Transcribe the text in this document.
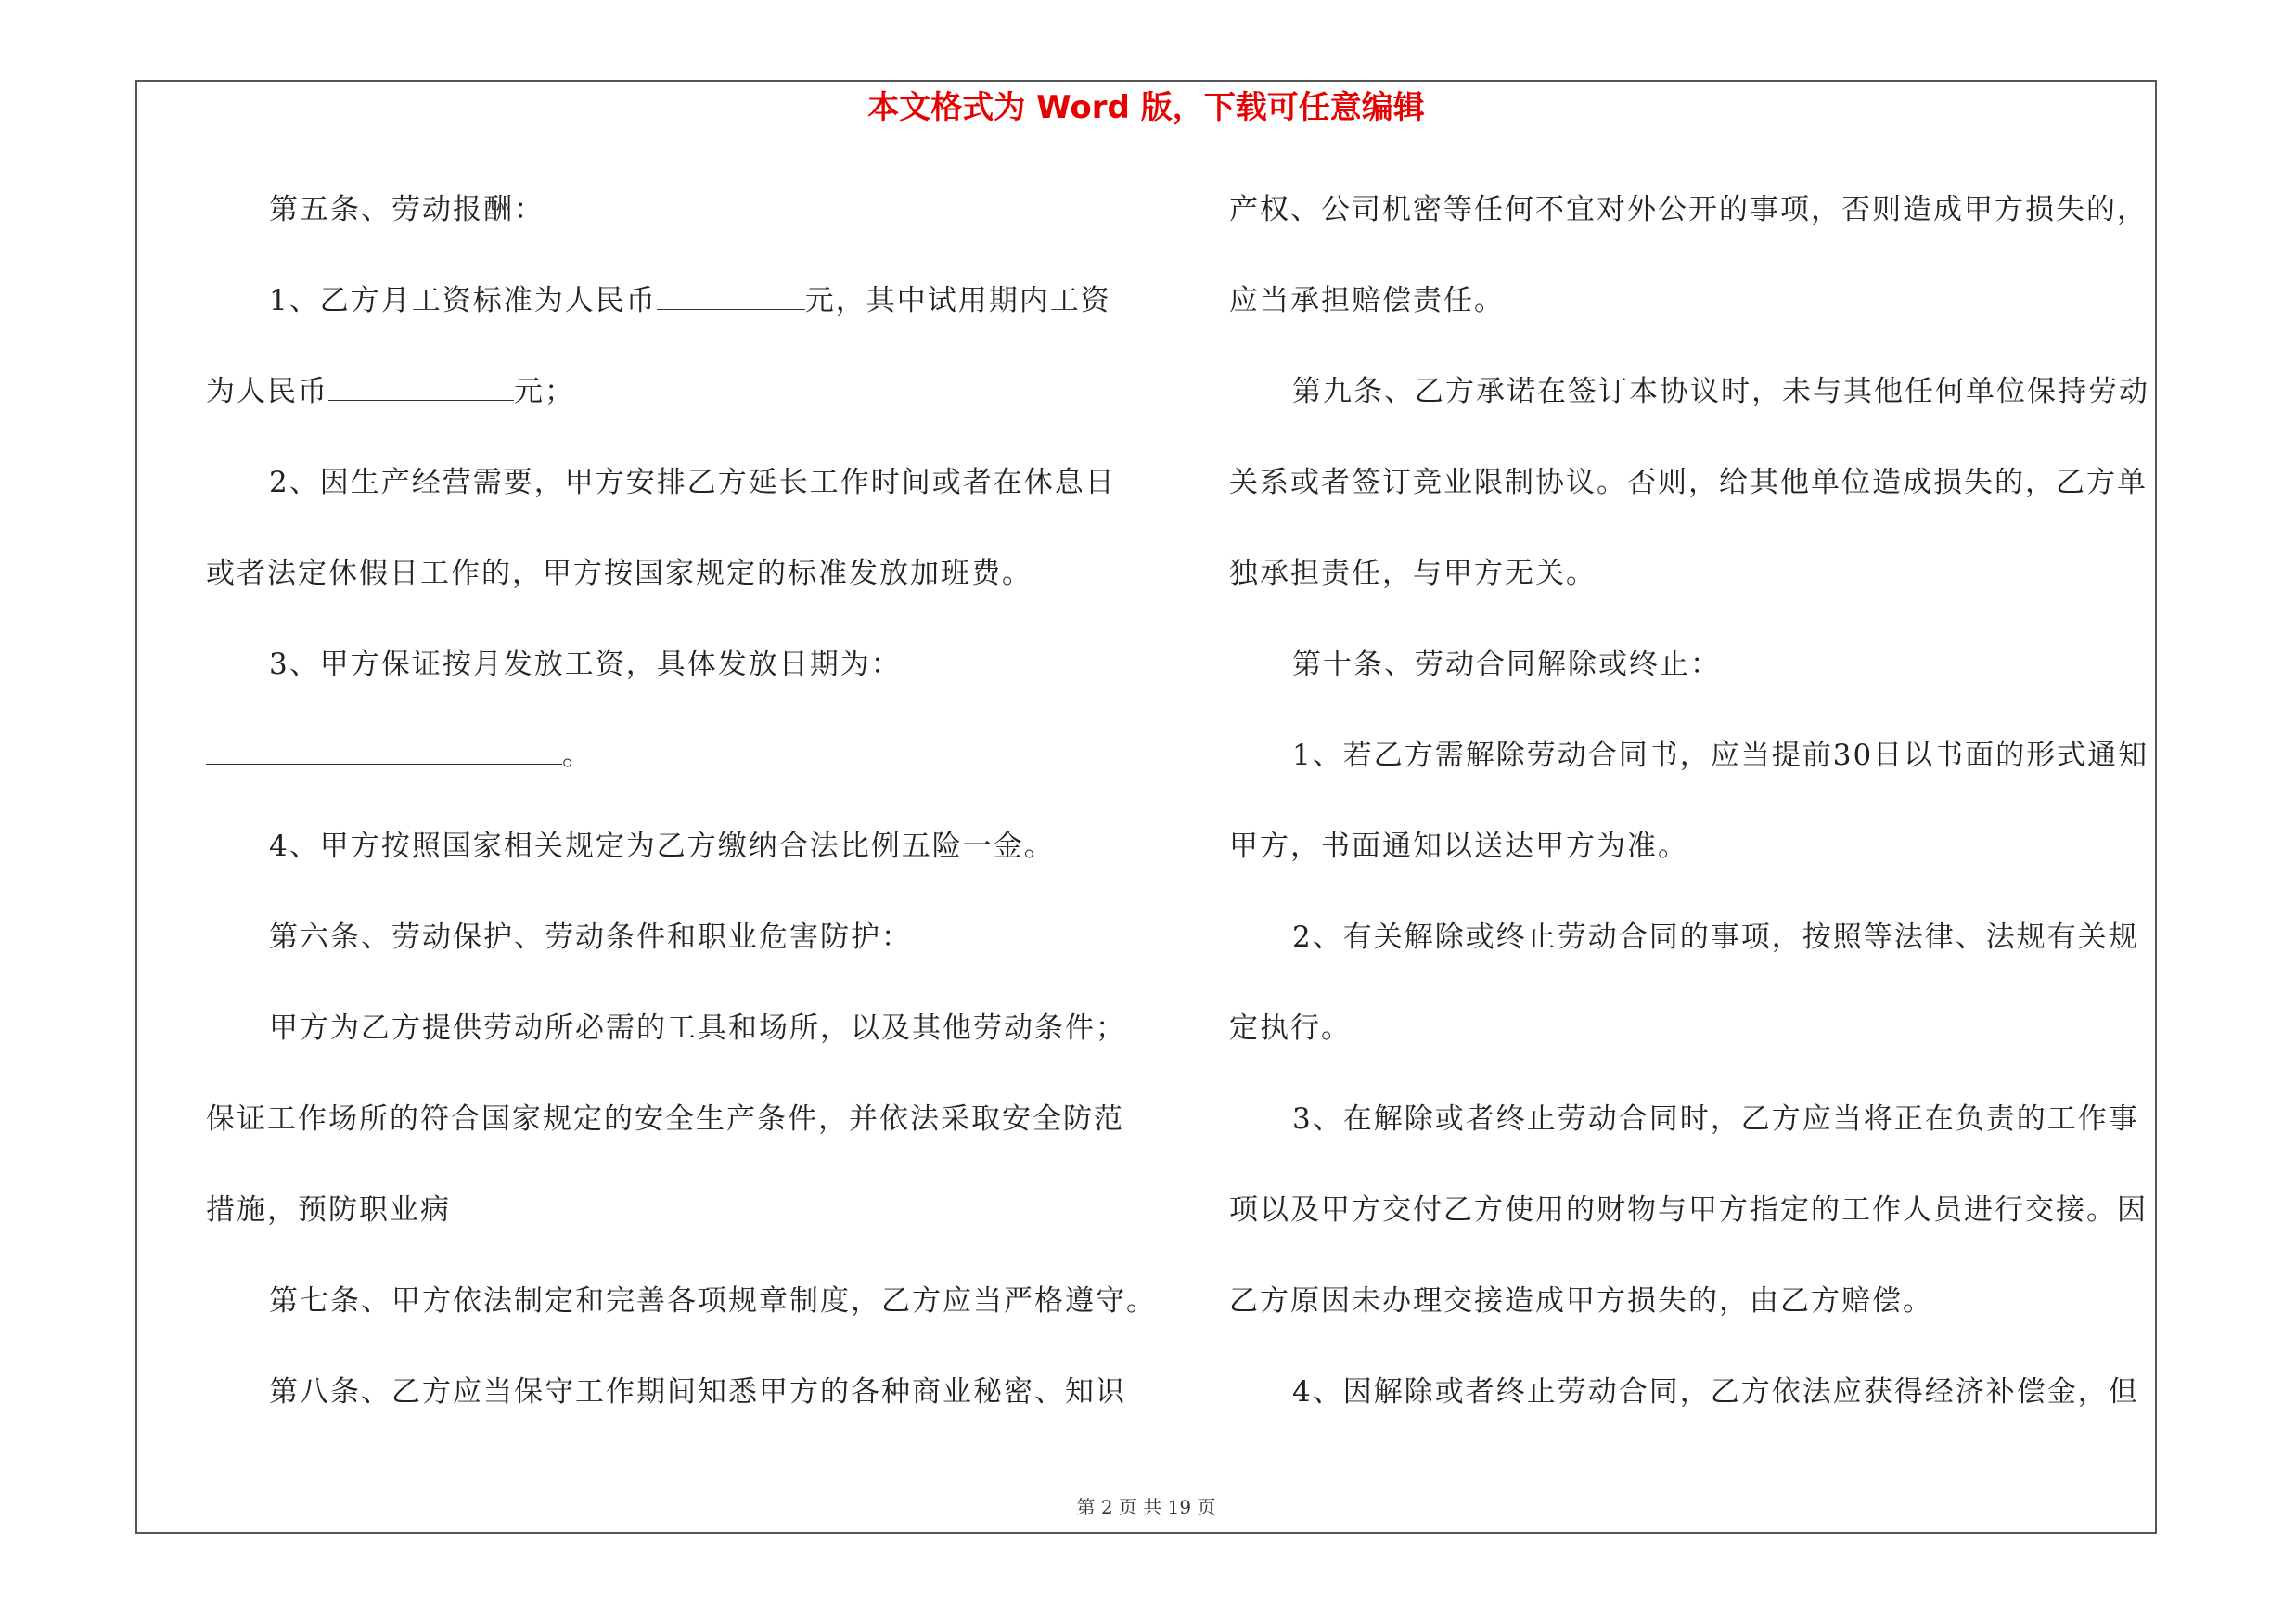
本文格式为 Word 版，下载可任意编辑
第五条、劳动报酬：
1、乙方月工资标准为人民币	元，其中试用期内工资
为人民币	元；
2、因生产经营需要，甲方安排乙方延长工作时间或者在休息日
或者法定休假日工作的，甲方按国家规定的标准发放加班费。
3、甲方保证按月发放工资，具体发放日期为：
。
4、甲方按照国家相关规定为乙方缴纳合法比例五险一金。
第六条、劳动保护、劳动条件和职业危害防护：
甲方为乙方提供劳动所必需的工具和场所，以及其他劳动条件；
保证工作场所的符合国家规定的安全生产条件，并依法采取安全防范
措施，预防职业病
第七条、甲方依法制定和完善各项规章制度，乙方应当严格遵守。
第八条、乙方应当保守工作期间知悉甲方的各种商业秘密、知识
产权、公司机密等任何不宜对外公开的事项，否则造成甲方损失的，
应当承担赔偿责任。
第九条、乙方承诺在签订本协议时，未与其他任何单位保持劳动
关系或者签订竞业限制协议。否则，给其他单位造成损失的，乙方单
独承担责任，与甲方无关。
第十条、劳动合同解除或终止：
1、若乙方需解除劳动合同书，应当提前30日以书面的形式通知
甲方，书面通知以送达甲方为准。
2、有关解除或终止劳动合同的事项，按照等法律、法规有关规
定执行。
3、在解除或者终止劳动合同时，乙方应当将正在负责的工作事
项以及甲方交付乙方使用的财物与甲方指定的工作人员进行交接。因
乙方原因未办理交接造成甲方损失的，由乙方赔偿。
4、因解除或者终止劳动合同，乙方依法应获得经济补偿金，但
第 2 页 共 19 页
